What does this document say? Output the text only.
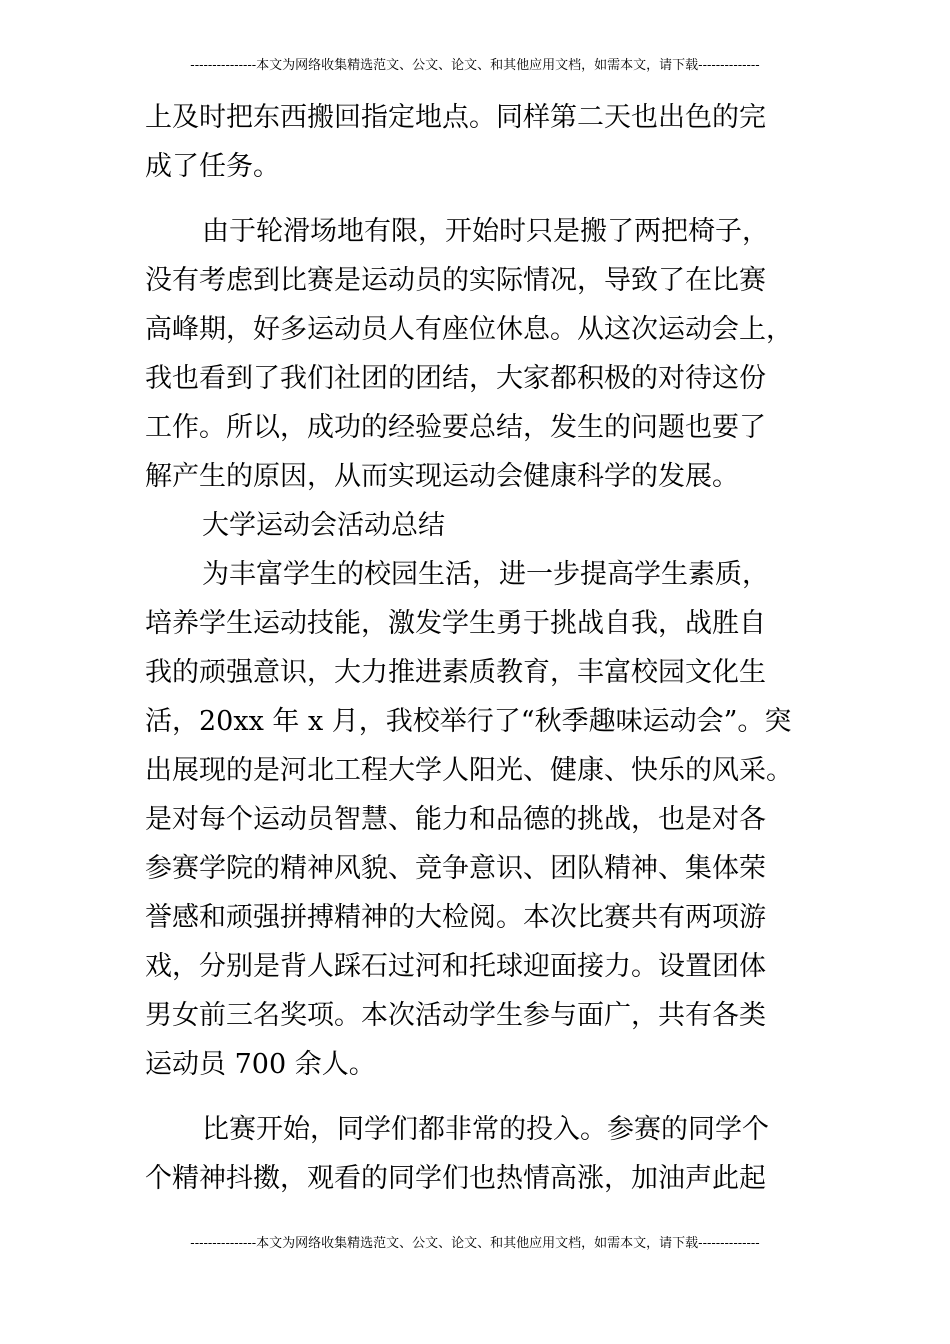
---------------本文为网络收集精选范文、公文、论文、和其他应用文档，如需本文，请下载--------------
上及时把东西搬回指定地点。同样第二天也出色的完
成了任务。
由于轮滑场地有限，开始时只是搬了两把椅子，
没有考虑到比赛是运动员的实际情况，导致了在比赛
高峰期，好多运动员人有座位休息。从这次运动会上，
我也看到了我们社团的团结，大家都积极的对待这份
工作。所以，成功的经验要总结，发生的问题也要了
解产生的原因，从而实现运动会健康科学的发展。
大学运动会活动总结
为丰富学生的校园生活，进一步提高学生素质，
培养学生运动技能，激发学生勇于挑战自我，战胜自
我的顽强意识，大力推进素质教育，丰富校园文化生
活，20xx 年 x 月，我校举行了“秋季趣味运动会”。突
出展现的是河北工程大学人阳光、健康、快乐的风采。
是对每个运动员智慧、能力和品德的挑战，也是对各
参赛学院的精神风貌、竞争意识、团队精神、集体荣
誉感和顽强拼搏精神的大检阅。本次比赛共有两项游
戏，分别是背人踩石过河和托球迎面接力。设置团体
男女前三名奖项。本次活动学生参与面广，共有各类
运动员 700 余人。
比赛开始，同学们都非常的投入。参赛的同学个
个精神抖擞，观看的同学们也热情高涨，加油声此起
---------------本文为网络收集精选范文、公文、论文、和其他应用文档，如需本文，请下载--------------
